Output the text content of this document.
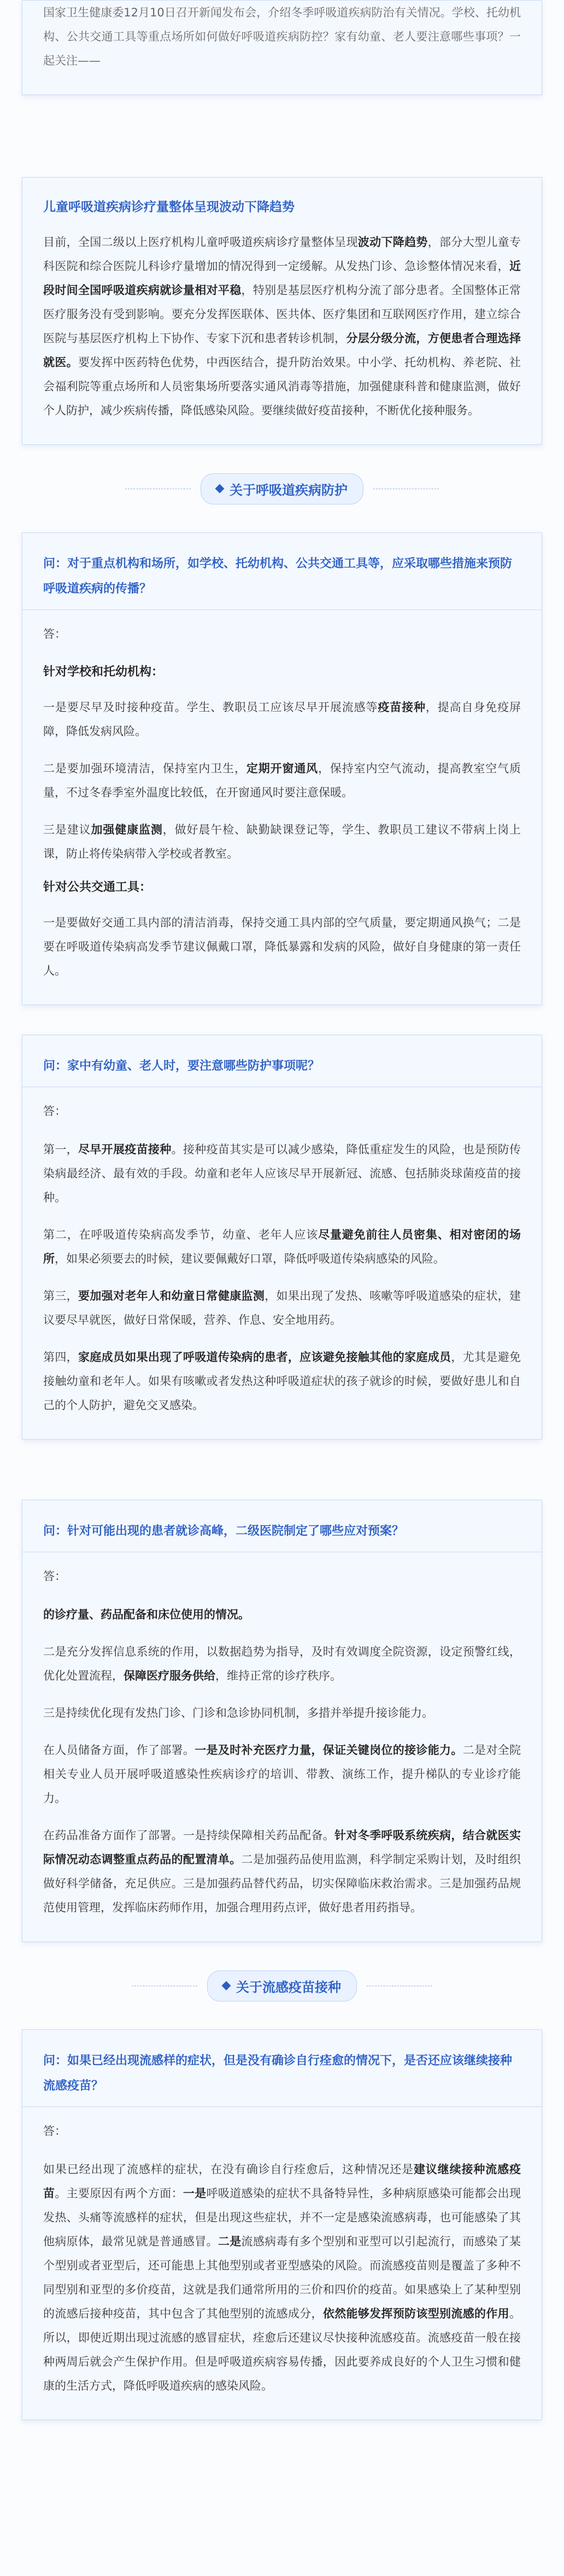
国家卫生健康委12月10日召开新闻发布会，介绍冬季呼吸道疾病防治有关情况。学校、托幼机构、公共交通工具等重点场所如何做好呼吸道疾病防控？家有幼童、老人要注意哪些事项？一起关注——

儿童呼吸道疾病诊疗量整体呈现波动下降趋势

目前，全国二级以上医疗机构儿童呼吸道疾病诊疗量整体呈现波动下降趋势，部分大型儿童专科医院和综合医院儿科诊疗量增加的情况得到一定缓解。从发热门诊、急诊整体情况来看，近段时间全国呼吸道疾病就诊量相对平稳，特别是基层医疗机构分流了部分患者。全国整体正常医疗服务没有受到影响。要充分发挥医联体、医共体、医疗集团和互联网医疗作用，建立综合医院与基层医疗机构上下协作、专家下沉和患者转诊机制，分层分级分流，方便患者合理选择就医。要发挥中医药特色优势，中西医结合，提升防治效果。中小学、托幼机构、养老院、社会福利院等重点场所和人员密集场所要落实通风消毒等措施，加强健康科普和健康监测，做好个人防护，减少疾病传播，降低感染风险。要继续做好疫苗接种，不断优化接种服务。

关于呼吸道疾病防护

问：对于重点机构和场所，如学校、托幼机构、公共交通工具等，应采取哪些措施来预防呼吸道疾病的传播？

答：

针对学校和托幼机构：

一是要尽早及时接种疫苗。学生、教职员工应该尽早开展流感等疫苗接种，提高自身免疫屏障，降低发病风险。

二是要加强环境清洁，保持室内卫生，定期开窗通风，保持室内空气流动，提高教室空气质量，不过冬春季室外温度比较低，在开窗通风时要注意保暖。

三是建议加强健康监测，做好晨午检、缺勤缺课登记等，学生、教职员工建议不带病上岗上课，防止将传染病带入学校或者教室。

针对公共交通工具：

一是要做好交通工具内部的清洁消毒，保持交通工具内部的空气质量，要定期通风换气；二是要在呼吸道传染病高发季节建议佩戴口罩，降低暴露和发病的风险，做好自身健康的第一责任人。

问：家中有幼童、老人时，要注意哪些防护事项呢？

答：

第一，尽早开展疫苗接种。接种疫苗其实是可以减少感染，降低重症发生的风险，也是预防传染病最经济、最有效的手段。幼童和老年人应该尽早开展新冠、流感、包括肺炎球菌疫苗的接种。

第二，在呼吸道传染病高发季节，幼童、老年人应该尽量避免前往人员密集、相对密闭的场所，如果必须要去的时候，建议要佩戴好口罩，降低呼吸道传染病感染的风险。

第三，要加强对老年人和幼童日常健康监测，如果出现了发热、咳嗽等呼吸道感染的症状，建议要尽早就医，做好日常保暖，营养、作息、安全地用药。

第四，家庭成员如果出现了呼吸道传染病的患者，应该避免接触其他的家庭成员，尤其是避免接触幼童和老年人。如果有咳嗽或者发热这种呼吸道症状的孩子就诊的时候，要做好患儿和自己的个人防护，避免交叉感染。

问：针对可能出现的患者就诊高峰，二级医院制定了哪些应对预案？

答：

的诊疗量、药品配备和床位使用的情况。

二是充分发挥信息系统的作用，以数据趋势为指导，及时有效调度全院资源，设定预警红线，优化处置流程，保障医疗服务供给，维持正常的诊疗秩序。

三是持续优化现有发热门诊、门诊和急诊协同机制，多措并举提升接诊能力。

在人员储备方面，作了部署。一是及时补充医疗力量，保证关键岗位的接诊能力。二是对全院相关专业人员开展呼吸道感染性疾病诊疗的培训、带教、演练工作，提升梯队的专业诊疗能力。

在药品准备方面作了部署。一是持续保障相关药品配备。针对冬季呼吸系统疾病，结合就医实际情况动态调整重点药品的配置清单。二是加强药品使用监测，科学制定采购计划，及时组织做好科学储备，充足供应。三是加强药品替代药品，切实保障临床救治需求。三是加强药品规范使用管理，发挥临床药师作用，加强合理用药点评，做好患者用药指导。

关于流感疫苗接种

问：如果已经出现流感样的症状，但是没有确诊自行痊愈的情况下，是否还应该继续接种流感疫苗？

答：

如果已经出现了流感样的症状，在没有确诊自行痊愈后，这种情况还是建议继续接种流感疫苗。主要原因有两个方面：一是呼吸道感染的症状不具备特异性，多种病原感染可能都会出现发热、头痛等流感样的症状，但是出现这些症状，并不一定是感染流感病毒，也可能感染了其他病原体，最常见就是普通感冒。二是流感病毒有多个型别和亚型可以引起流行，而感染了某个型别或者亚型后，还可能患上其他型别或者亚型感染的风险。而流感疫苗则是覆盖了多种不同型别和亚型的多价疫苗，这就是我们通常所用的三价和四价的疫苗。如果感染上了某种型别的流感后接种疫苗，其中包含了其他型别的流感成分，依然能够发挥预防该型别流感的作用。所以，即使近期出现过流感的感冒症状，痊愈后还建议尽快接种流感疫苗。流感疫苗一般在接种两周后就会产生保护作用。但是呼吸道疾病容易传播，因此要养成良好的个人卫生习惯和健康的生活方式，降低呼吸道疾病的感染风险。
